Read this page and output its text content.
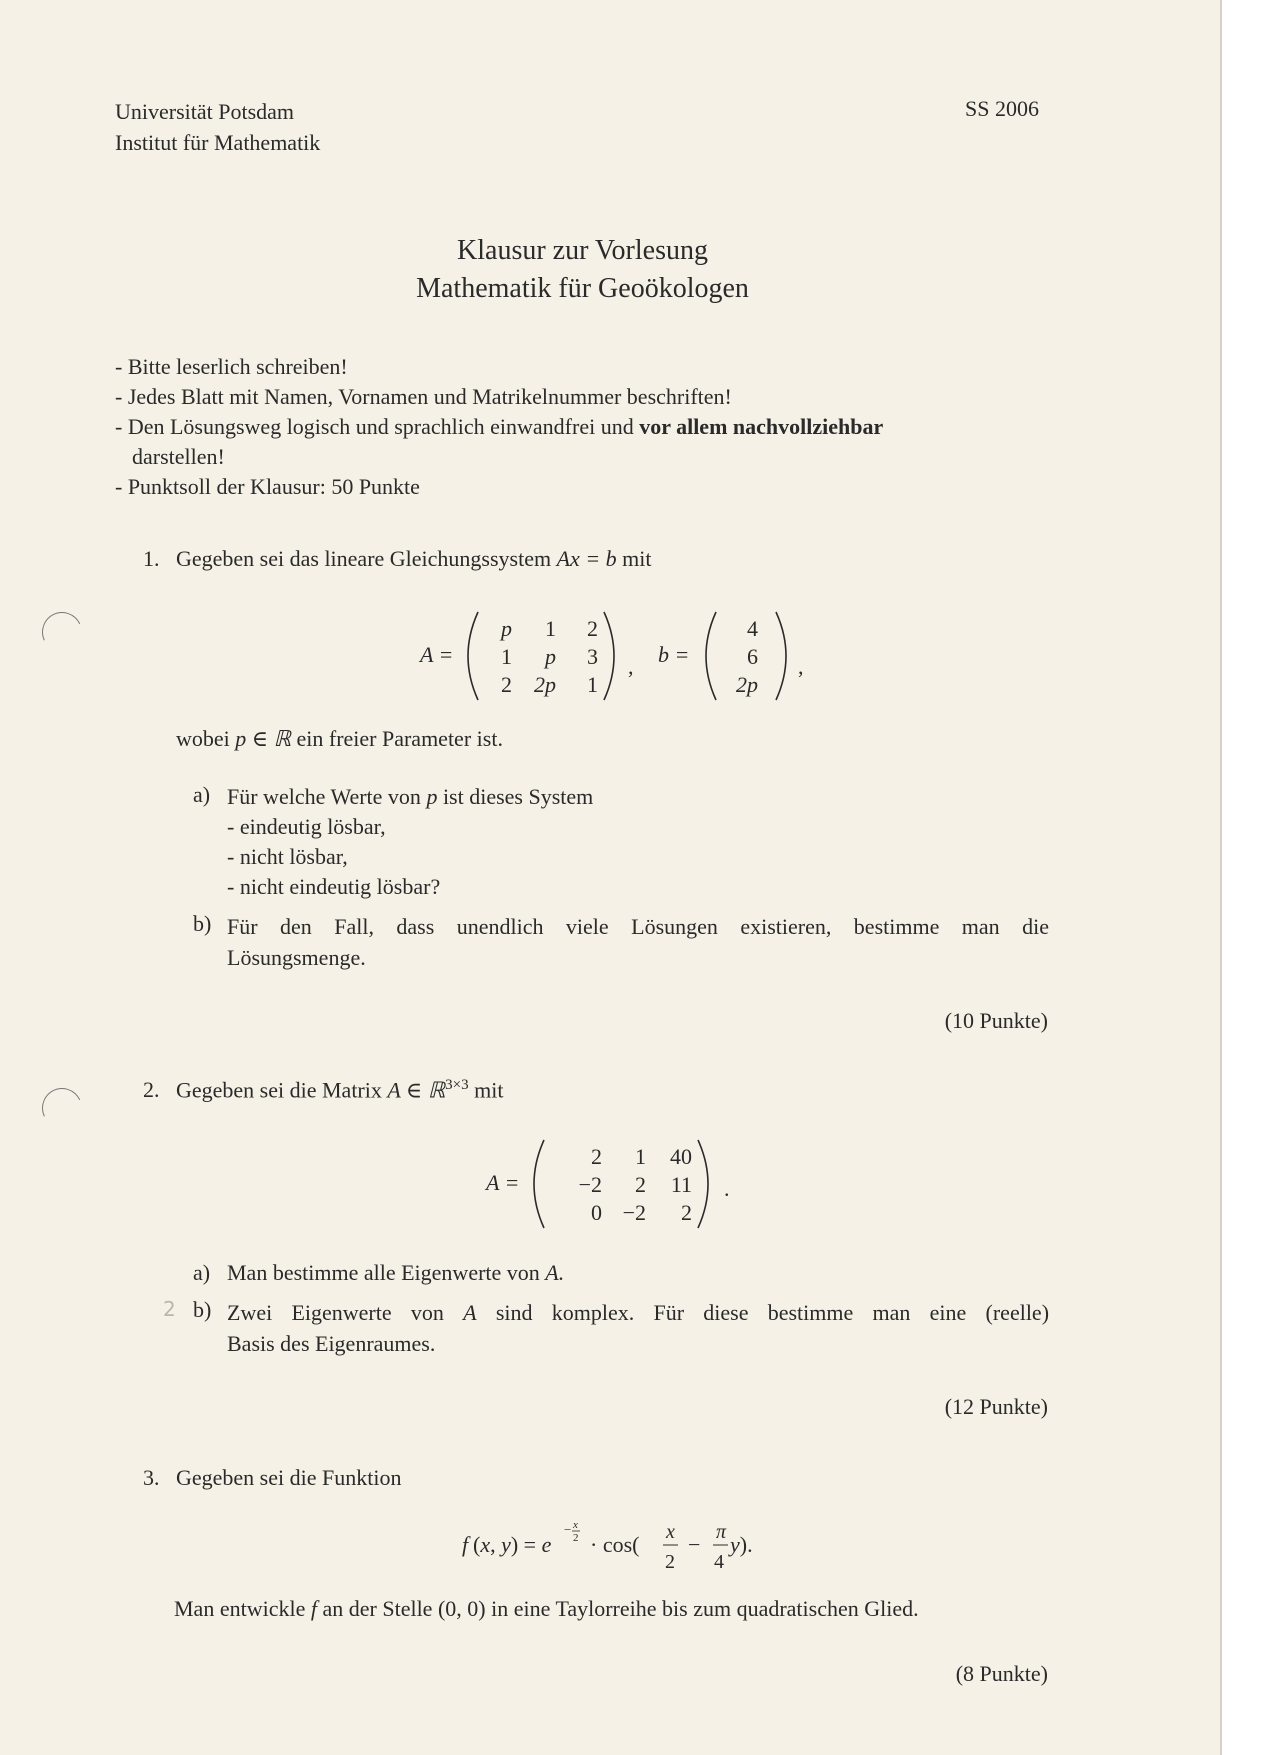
Universität Potsdam
Institut für Mathematik
SS 2006
Klausur zur Vorlesung
Mathematik für Geoökologen
- Bitte leserlich schreiben!
- Jedes Blatt mit Namen, Vornamen und Matrikelnummer beschriften!
- Den Lösungsweg logisch und sprachlich einwandfrei und vor allem nachvollziehbar
darstellen!
- Punktsoll der Klausur: 50 Punkte
1. Gegeben sei das lineare Gleichungssystem Ax = b mit
A =
p 1 2
1 p 3
2 2p 1
, b =
4
6
2p
,
wobei p ∈ ℝ ein freier Parameter ist.
a) Für welche Werte von p ist dieses System
- eindeutig lösbar,
- nicht lösbar,
- nicht eindeutig lösbar?
b) Für den Fall, dass unendlich viele Lösungen existieren, bestimme man die
Lösungsmenge.
(10 Punkte)
2. Gegeben sei die Matrix A ∈ ℝ$^{3\times 3}$ mit
A =
2 1 40
−2 2 11
0 −2 2
.
a) Man bestimme alle Eigenwerte von A.
2 b) Zwei Eigenwerte von A sind komplex. Für diese bestimme man eine (reelle)
Basis des Eigenraumes.
(12 Punkte)
3. Gegeben sei die Funktion
f (x, y) = e
− x
2 · cos( x
2
− π
4
y).
Man entwickle f an der Stelle (0, 0) in eine Taylorreihe bis zum quadratischen Glied.
(8 Punkte)
